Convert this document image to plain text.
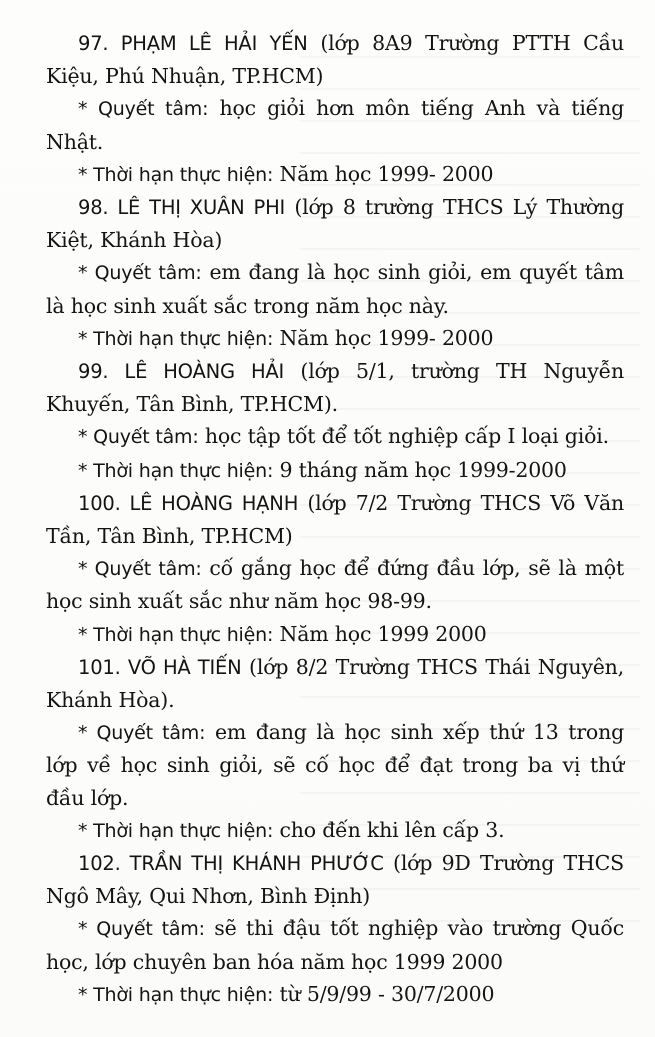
97. PHẠM LÊ HẢI YẾN (lớp 8A9 Trường PTTH Cầu Kiệu, Phú Nhuận, TP.HCM)

* Quyết tâm: học giỏi hơn môn tiếng Anh và tiếng Nhật.

* Thời hạn thực hiện: Năm học 1999- 2000

98. LÊ THỊ XUÂN PHI (lớp 8 trường THCS Lý Thường Kiệt, Khánh Hòa)

* Quyết tâm: em đang là học sinh giỏi, em quyết tâm là học sinh xuất sắc trong năm học này.

* Thời hạn thực hiện: Năm học 1999- 2000

99. LÊ HOÀNG HẢI (lớp 5/1, trường TH Nguyễn Khuyến, Tân Bình, TP.HCM).

* Quyết tâm: học tập tốt để tốt nghiệp cấp I loại giỏi.

* Thời hạn thực hiện: 9 tháng năm học 1999-2000

100. LÊ HOÀNG HẠNH (lớp 7/2 Trường THCS Võ Văn Tần, Tân Bình, TP.HCM)

* Quyết tâm: cố gắng học để đứng đầu lớp, sẽ là một học sinh xuất sắc như năm học 98-99.

* Thời hạn thực hiện: Năm học 1999 2000

101. VÕ HÀ TIẾN (lớp 8/2 Trường THCS Thái Nguyên, Khánh Hòa).

* Quyết tâm: em đang là học sinh xếp thứ 13 trong lớp về học sinh giỏi, sẽ cố học để đạt trong ba vị thứ đầu lớp.

* Thời hạn thực hiện: cho đến khi lên cấp 3.

102. TRẦN THỊ KHÁNH PHƯỚC (lớp 9D Trường THCS Ngô Mây, Qui Nhơn, Bình Định)

* Quyết tâm: sẽ thi đậu tốt nghiệp vào trường Quốc học, lớp chuyên ban hóa năm học 1999 2000

* Thời hạn thực hiện: từ 5/9/99 - 30/7/2000
